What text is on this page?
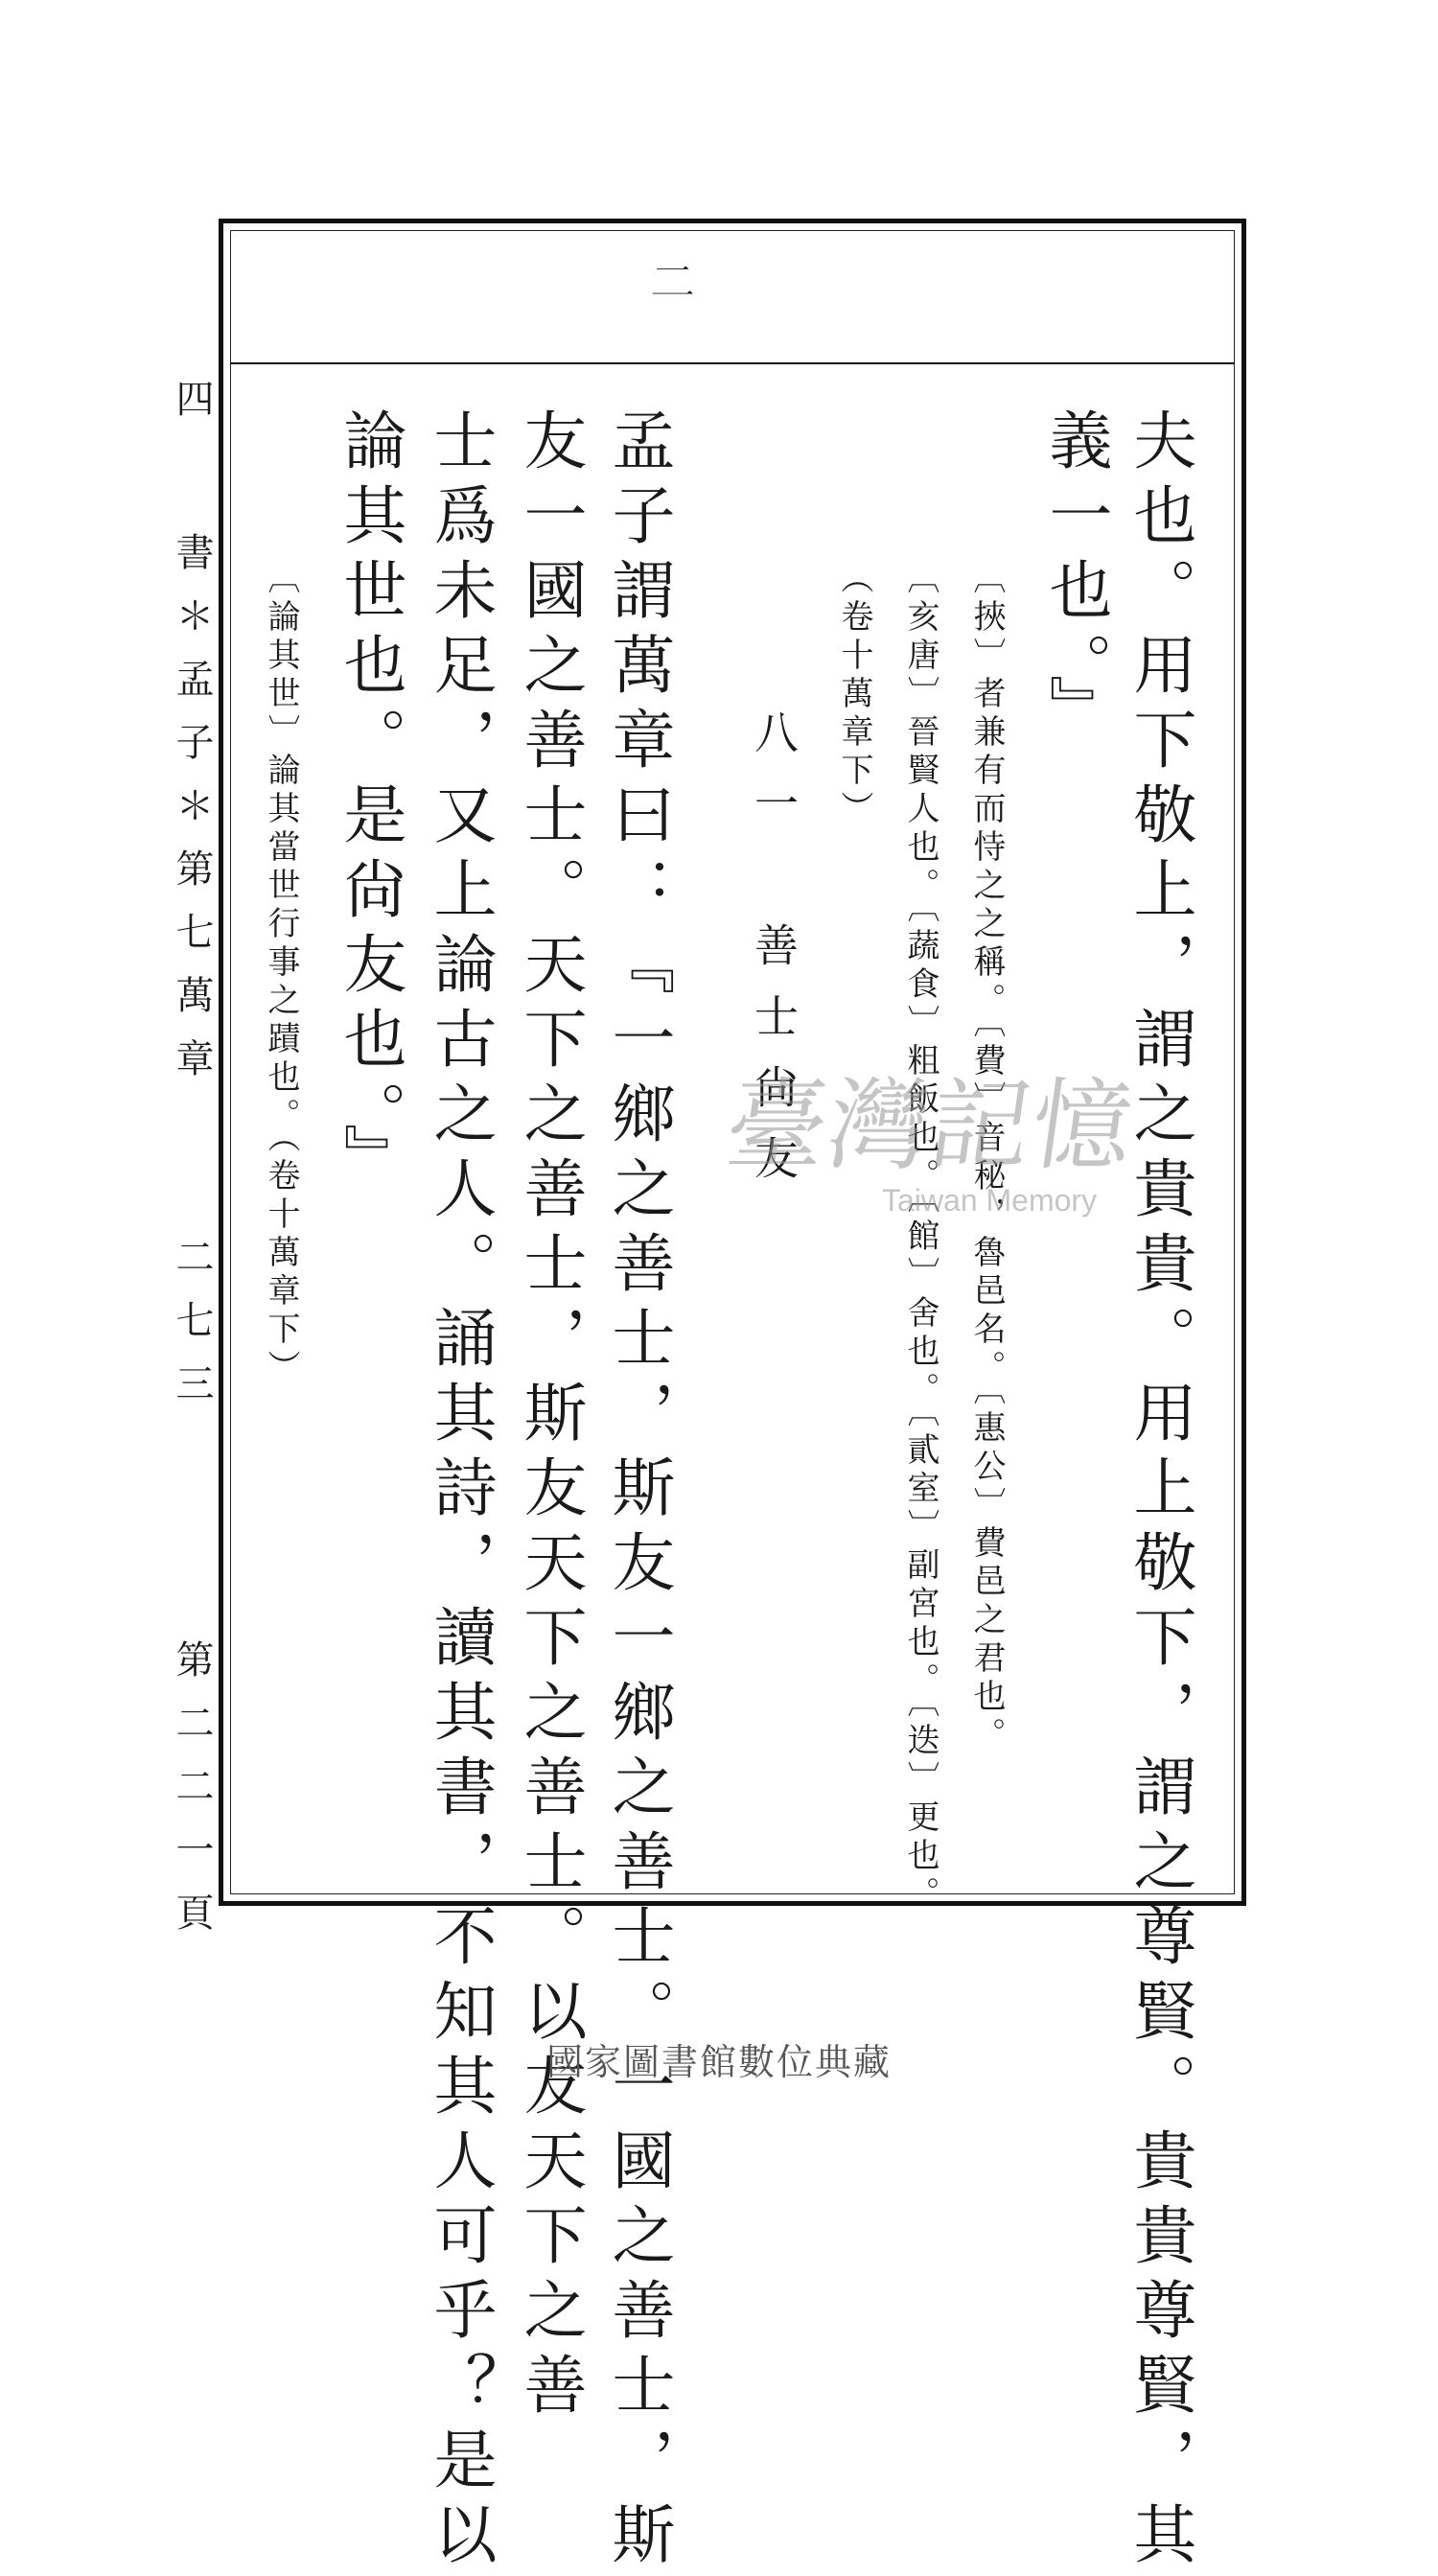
𠄞
夫也。用下敬上，謂之貴貴。用上敬下，謂之尊賢。貴貴尊賢，其
義一也。』
〔挾〕者兼有而恃之之稱。〔費〕音秘，魯邑名。〔惠公〕費邑之君也。
〔亥唐〕晉賢人也。〔蔬食〕粗飯也。〔館〕舍也。〔貳室〕副宮也。〔迭〕更也。
（卷十萬章下）
八一　善士尙友
孟子謂萬章曰：『一鄉之善士，斯友一鄉之善士。一國之善士，斯
友一國之善士。天下之善士，斯友天下之善士。以友天下之善
士爲未足，又上論古之人。誦其詩，讀其書，不知其人可乎？是以
論其世也。是尙友也。』
〔論其世〕論其當世行事之蹟也。（卷十萬章下）
四
書＊孟子＊第七萬章
二七三
第二二一頁
臺灣記憶
Taiwan Memory
國家圖書館數位典藏
